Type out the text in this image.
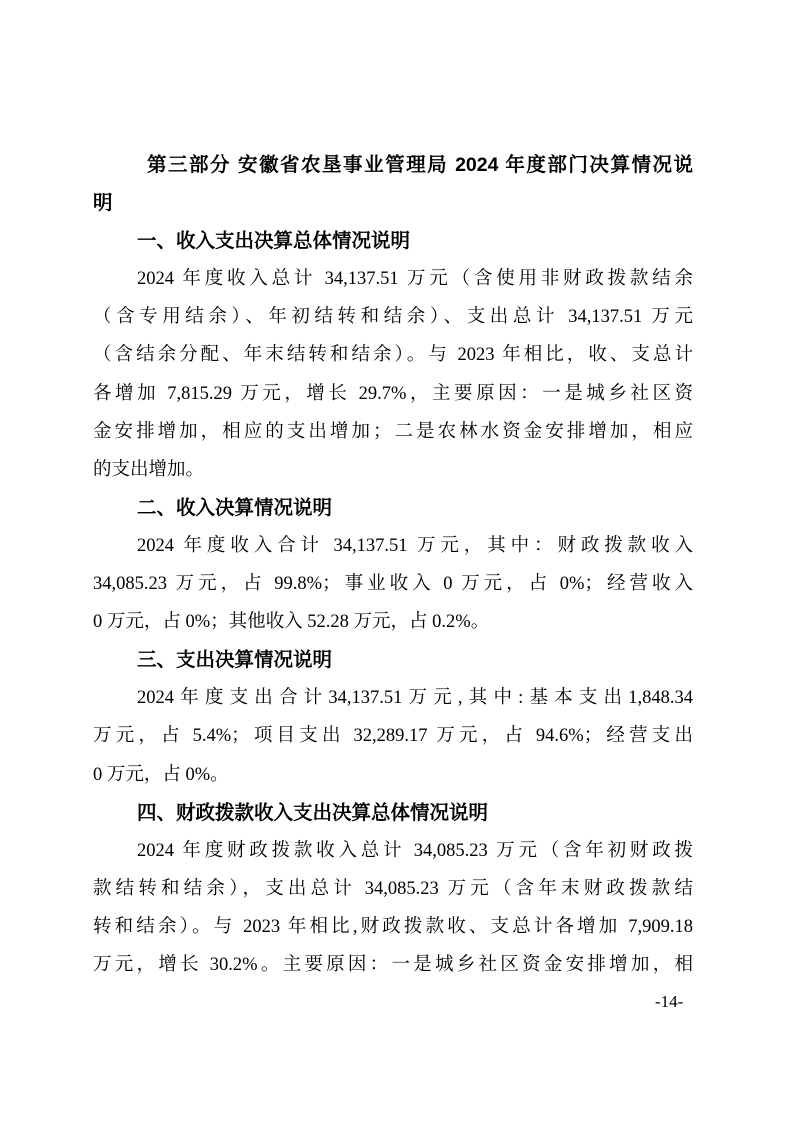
第三部分 安徽省农垦事业管理局 2024 年度部门决算情况说
明
一、收入支出决算总体情况说明
2024 年度收入总计 34,137.51 万元（含使用非财政拨款结余
（含专用结余）、年初结转和结余）、支出总计 34,137.51 万元
（含结余分配、年末结转和结余）。与 2023 年相比，收、支总计
各增加 7,815.29 万元，增长 29.7%，主要原因：一是城乡社区资
金安排增加，相应的支出增加；二是农林水资金安排增加，相应
的支出增加。
二、收入决算情况说明
2024 年度收入合计 34,137.51 万元，其中：财政拨款收入
34,085.23 万元，占 99.8%；事业收入 0 万元，占 0%；经营收入
0 万元，占 0%；其他收入 52.28 万元，占 0.2%。
三、支出决算情况说明
2024年度支出合计34,137.51万元,其中:基本支出1,848.34
万元，占 5.4%；项目支出 32,289.17 万元，占 94.6%；经营支出
0 万元，占 0%。
四、财政拨款收入支出决算总体情况说明
2024 年度财政拨款收入总计 34,085.23 万元（含年初财政拨
款结转和结余），支出总计 34,085.23 万元（含年末财政拨款结
转和结余）。与 2023 年相比,财政拨款收、支总计各增加 7,909.18
万元，增长 30.2%。主要原因：一是城乡社区资金安排增加，相
-14-
